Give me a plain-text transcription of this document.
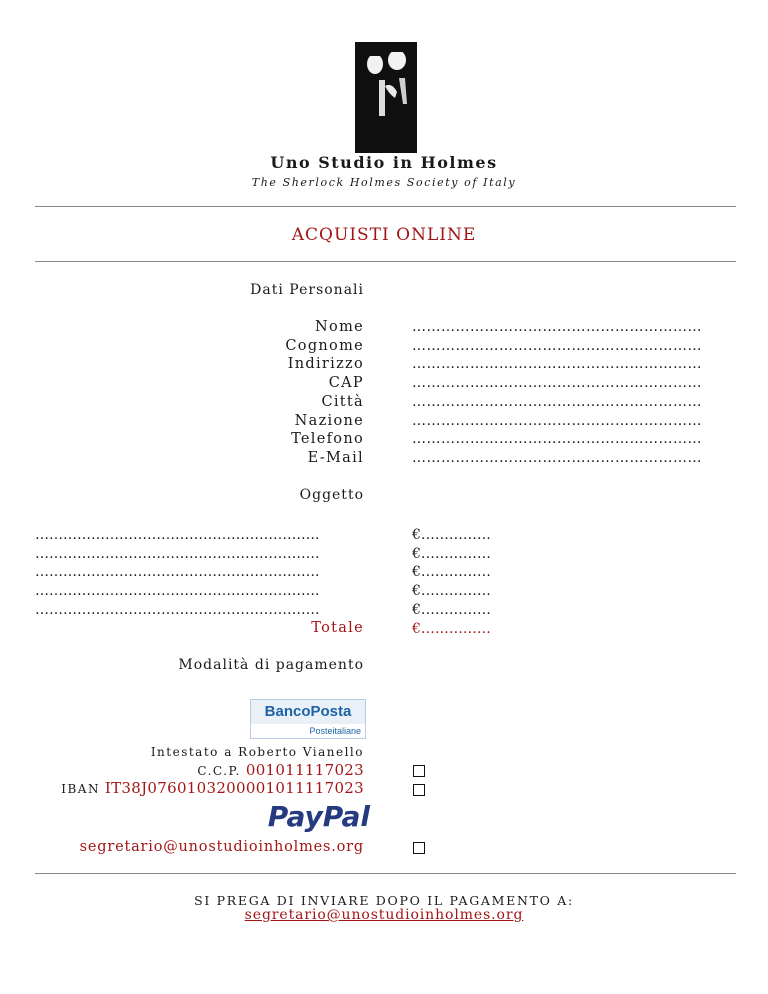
Uno Studio in Holmes
The Sherlock Holmes Society of Italy
ACQUISTI ONLINE
Dati Personali
Nome
Cognome
Indirizzo
CAP
Città
Nazione
Telefono
E-Mail
……………………………………………………
……………………………………………………
……………………………………………………
……………………………………………………
……………………………………………………
……………………………………………………
……………………………………………………
……………………………………………………
Oggetto
…………………………………………………….
…………………………………………………….
…………………………………………………….
…………………………………………………….
…………………………………………………….
Totale
€……………
€……………
€……………
€……………
€……………
€……………
Modalità di pagamento
BancoPosta
Posteitaliane
Intestato a Roberto Vianello
C.C.P. 001011117023
IBAN IT38J0760103200001011117023
PayPal
segretario@unostudioinholmes.org
SI PREGA DI INVIARE DOPO IL PAGAMENTO A:
segretario@unostudioinholmes.org
